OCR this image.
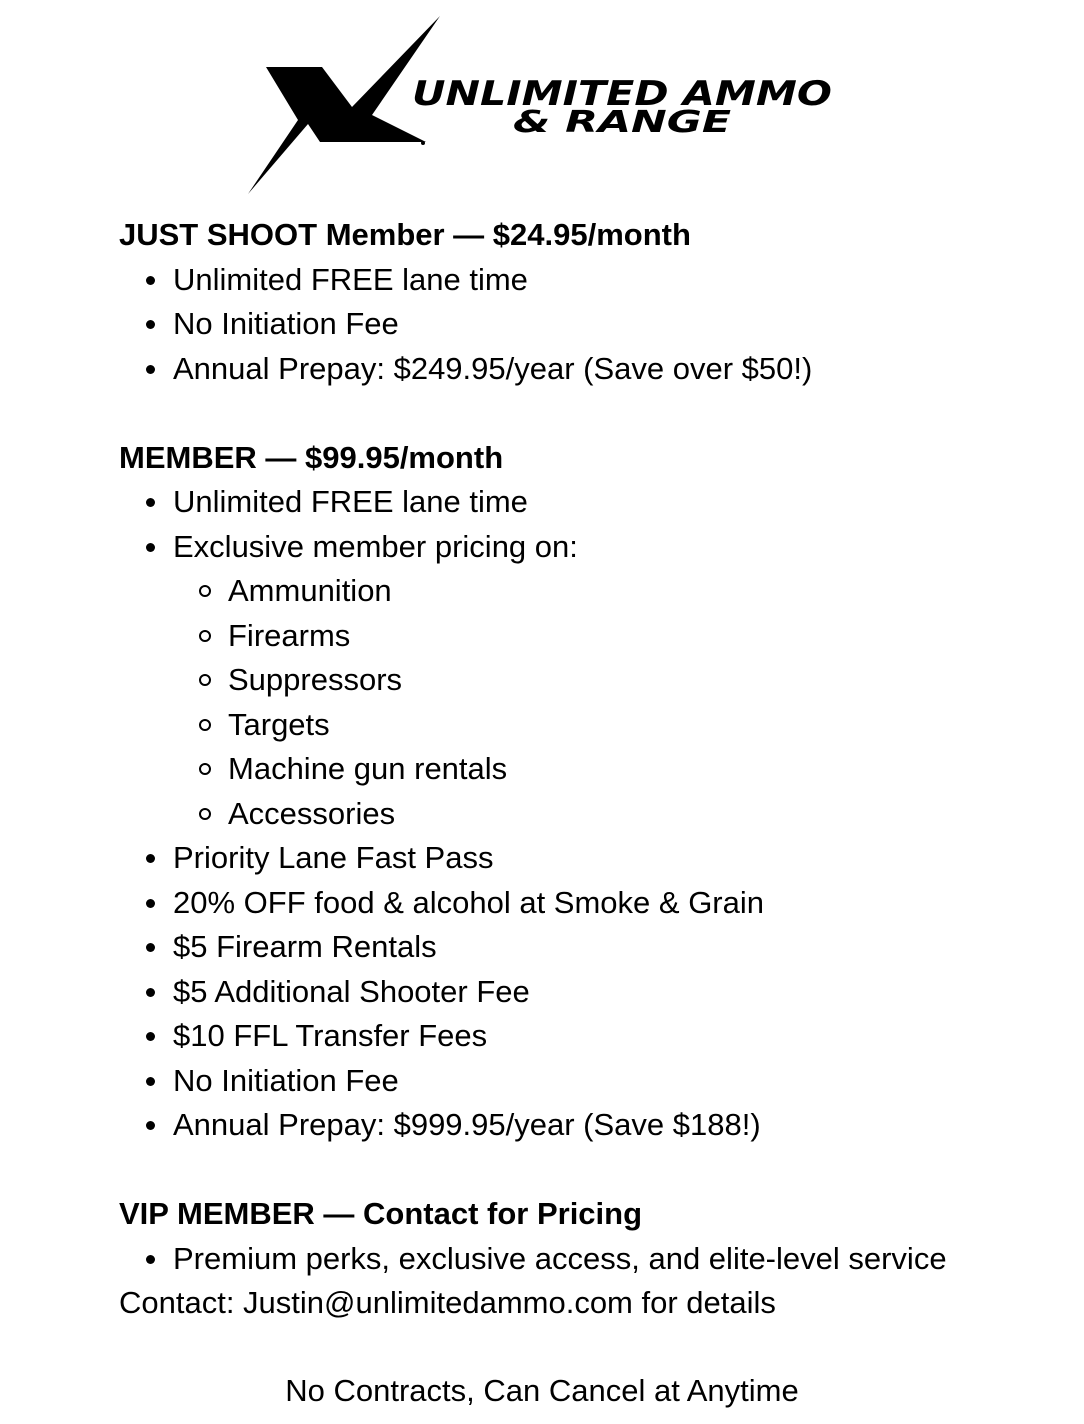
UNLIMITED AMMO
& RANGE

JUST SHOOT Member — $24.95/month

Unlimited FREE lane time
No Initiation Fee
Annual Prepay: $249.95/year (Save over $50!)

MEMBER — $99.95/month

Unlimited FREE lane time
Exclusive member pricing on:
Ammunition
Firearms
Suppressors
Targets
Machine gun rentals
Accessories
Priority Lane Fast Pass
20% OFF food & alcohol at Smoke & Grain
$5 Firearm Rentals
$5 Additional Shooter Fee
$10 FFL Transfer Fees
No Initiation Fee
Annual Prepay: $999.95/year (Save $188!)

VIP MEMBER — Contact for Pricing

Premium perks, exclusive access, and elite-level service

Contact: Justin@unlimitedammo.com for details

No Contracts, Can Cancel at Anytime
